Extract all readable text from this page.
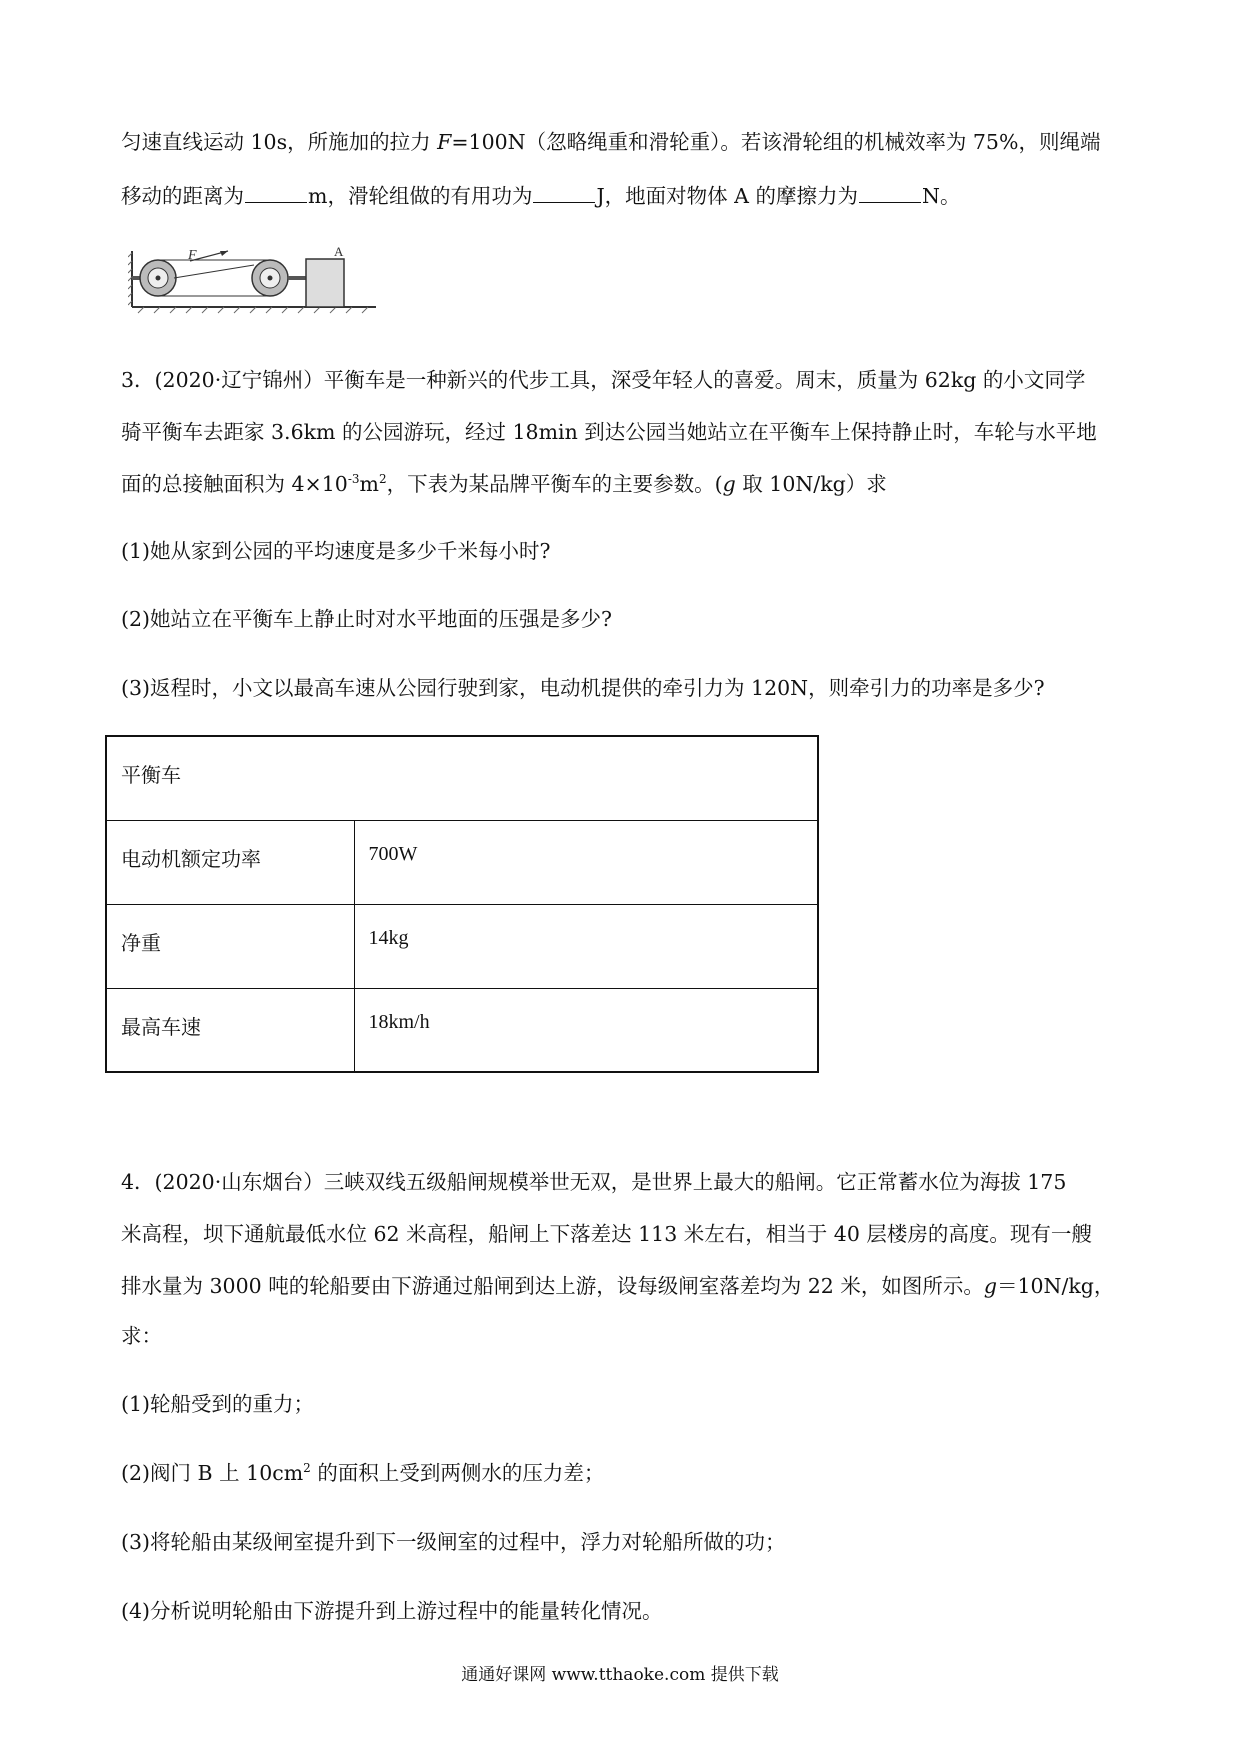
匀速直线运动 10s，所施加的拉力 F=100N（忽略绳重和滑轮重）。若该滑轮组的机械效率为 75%，则绳端
移动的距离为	m，滑轮组做的有用功为	J，地面对物体 A 的摩擦力为	N。
F	A
3．(2020·辽宁锦州）平衡车是一种新兴的代步工具，深受年轻人的喜爱。周末，质量为 62kg 的小文同学
骑平衡车去距家 3.6km 的公园游玩，经过 18min 到达公园当她站立在平衡车上保持静止时，车轮与水平地
面的总接触面积为 $4\times 10^{-3}m^2$，下表为某品牌平衡车的主要参数。(g 取 10N/kg）求
(1)她从家到公园的平均速度是多少千米每小时?
(2)她站立在平衡车上静止时对水平地面的压强是多少?
(3)返程时，小文以最高车速从公园行驶到家，电动机提供的牵引力为 120N，则牵引力的功率是多少?
平衡车	
电动机额定功率	700W
净重	14kg
最高车速	18km/h
4．(2020·山东烟台）三峡双线五级船闸规模举世无双，是世界上最大的船闸。它正常蓄水位为海拔 175
米高程，坝下通航最低水位 62 米高程，船闸上下落差达 113 米左右，相当于 40 层楼房的高度。现有一艘
排水量为 3000 吨的轮船要由下游通过船闸到达上游，设每级闸室落差均为 22 米，如图所示。g＝10N/kg，
求：
(1)轮船受到的重力；
(2)阀门 B 上 $10cm^2$ 的面积上受到两侧水的压力差；
(3)将轮船由某级闸室提升到下一级闸室的过程中，浮力对轮船所做的功；
(4)分析说明轮船由下游提升到上游过程中的能量转化情况。
通通好课网 www.tthaoke.com 提供下载
